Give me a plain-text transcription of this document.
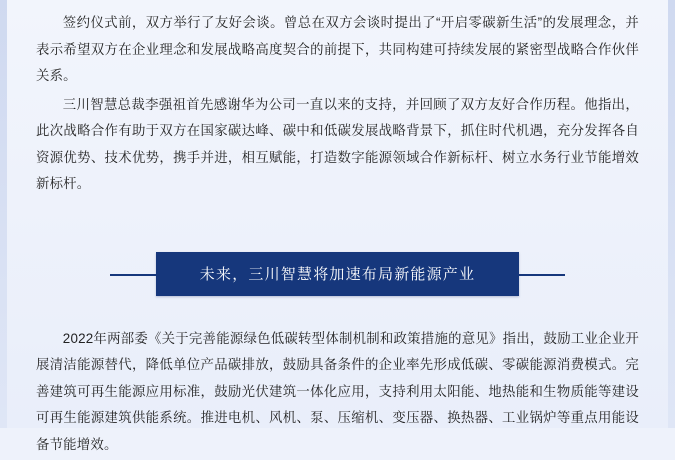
签约仪式前，双方举行了友好会谈。曾总在双方会谈时提出了“开启零碳新生活”的发展理念，并表示希望双方在企业理念和发展战略高度契合的前提下，共同构建可持续发展的紧密型战略合作伙伴关系。

三川智慧总裁李强祖首先感谢华为公司一直以来的支持，并回顾了双方友好合作历程。他指出，此次战略合作有助于双方在国家碳达峰、碳中和低碳发展战略背景下，抓住时代机遇，充分发挥各自资源优势、技术优势，携手并进，相互赋能，打造数字能源领域合作新标杆、树立水务行业节能增效新标杆。

未来，三川智慧将加速布局新能源产业

2022年两部委《关于完善能源绿色低碳转型体制机制和政策措施的意见》指出，鼓励工业企业开展清洁能源替代，降低单位产品碳排放，鼓励具备条件的企业率先形成低碳、零碳能源消费模式。完善建筑可再生能源应用标准，鼓励光伏建筑一体化应用，支持利用太阳能、地热能和生物质能等建设可再生能源建筑供能系统。推进电机、风机、泵、压缩机、变压器、换热器、工业锅炉等重点用能设备节能增效。
